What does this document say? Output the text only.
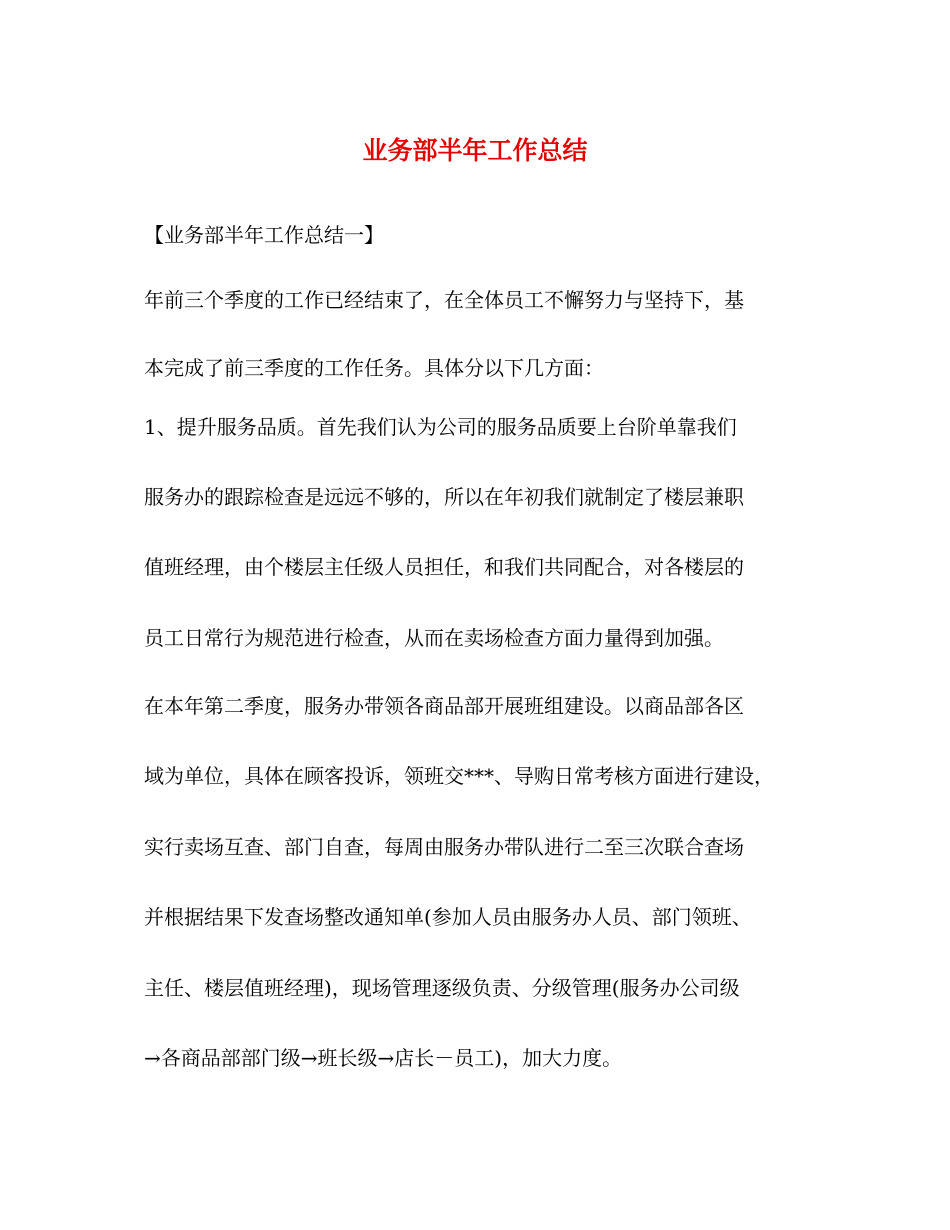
业务部半年工作总结
【业务部半年工作总结一】
年前三个季度的工作已经结束了，在全体员工不懈努力与坚持下，基
本完成了前三季度的工作任务。具体分以下几方面：
1、提升服务品质。首先我们认为公司的服务品质要上台阶单靠我们
服务办的跟踪检查是远远不够的，所以在年初我们就制定了楼层兼职
值班经理，由个楼层主任级人员担任，和我们共同配合，对各楼层的
员工日常行为规范进行检查，从而在卖场检查方面力量得到加强。
在本年第二季度，服务办带领各商品部开展班组建设。以商品部各区
域为单位，具体在顾客投诉，领班交***、导购日常考核方面进行建设，
实行卖场互查、部门自查，每周由服务办带队进行二至三次联合查场
并根据结果下发查场整改通知单(参加人员由服务办人员、部门领班、
主任、楼层值班经理)，现场管理逐级负责、分级管理(服务办公司级
→各商品部部门级→班长级→店长－员工)，加大力度。
